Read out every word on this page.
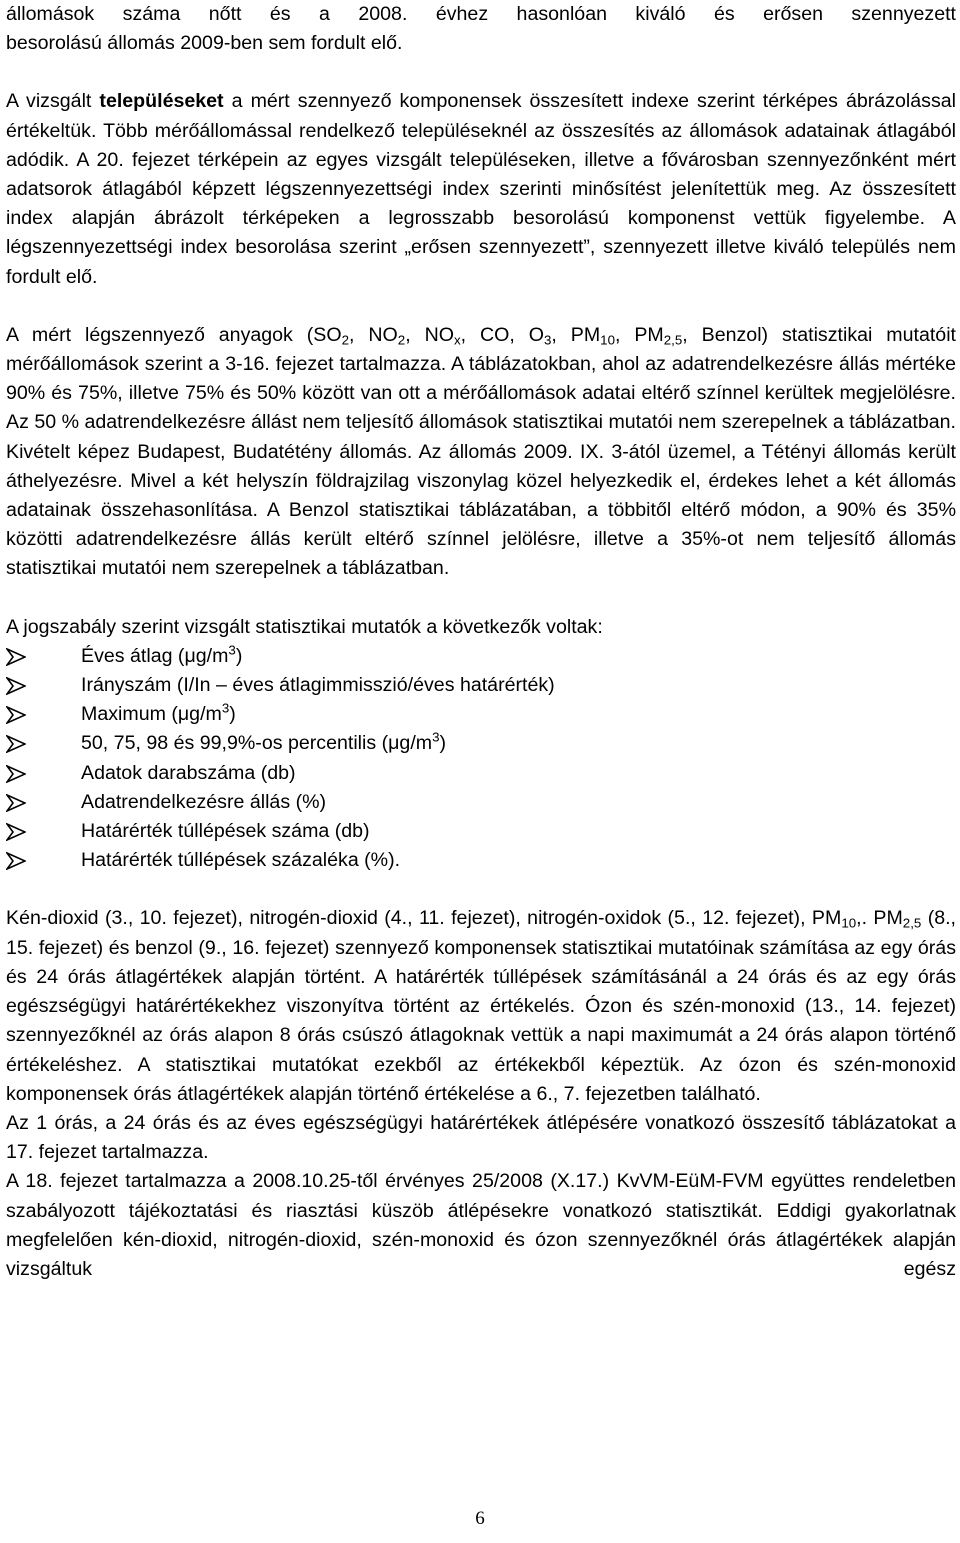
állomások száma nőtt és a 2008. évhez hasonlóan kiváló és erősen szennyezett

besorolású állomás 2009-ben sem fordult elő.

A vizsgált településeket a mért szennyező komponensek összesített indexe szerint térképes ábrázolással értékeltük. Több mérőállomással rendelkező településeknél az összesítés az állomások adatainak átlagából adódik. A 20. fejezet térképein az egyes vizsgált településeken, illetve a fővárosban szennyezőnként mért adatsorok átlagából képzett légszennyezettségi index szerinti minősítést jelenítettük meg. Az összesített index alapján ábrázolt térképeken a legrosszabb besorolású komponenst vettük figyelembe. A légszennyezettségi index besorolása szerint „erősen szennyezett”, szennyezett illetve kiváló település nem fordult elő.

A mért légszennyező anyagok ($SO_2$, $NO_2$, $NO_x$, CO, $O_3$, $PM_{10}$, $PM_{2,5}$, Benzol) statisztikai mutatóit mérőállomások szerint a 3-16. fejezet tartalmazza. A táblázatokban, ahol az adatrendelkezésre állás mértéke 90% és 75%, illetve 75% és 50% között van ott a mérőállomások adatai eltérő színnel kerültek megjelölésre. Az 50 % adatrendelkezésre állást nem teljesítő állomások statisztikai mutatói nem szerepelnek a táblázatban. Kivételt képez Budapest, Budatétény állomás. Az állomás 2009. IX. 3-ától üzemel, a Tétényi állomás került áthelyezésre. Mivel a két helyszín földrajzilag viszonylag közel helyezkedik el, érdekes lehet a két állomás adatainak összehasonlítása. A Benzol statisztikai táblázatában, a többitől eltérő módon, a 90% és 35% közötti adatrendelkezésre állás került eltérő színnel jelölésre, illetve a 35%-ot nem teljesítő állomás statisztikai mutatói nem szerepelnek a táblázatban.

A jogszabály szerint vizsgált statisztikai mutatók a következők voltak:

Éves átlag $(\mu g/m^3)$
Irányszám (I/In – éves átlagimmisszió/éves határérték)
Maximum $(\mu g/m^3)$
50, 75, 98 és 99,9%-os percentilis $(\mu g/m^3)$
Adatok darabszáma (db)
Adatrendelkezésre állás (%)
Határérték túllépések száma (db)
Határérték túllépések százaléka (%).

Kén-dioxid (3., 10. fejezet), nitrogén-dioxid (4., 11. fejezet), nitrogén-oxidok (5., 12. fejezet), $PM_{10}$,. $PM_{2,5}$ (8., 15. fejezet) és benzol (9., 16. fejezet) szennyező komponensek statisztikai mutatóinak számítása az egy órás és 24 órás átlagértékek alapján történt. A határérték túllépések számításánál a 24 órás és az egy órás egészségügyi határértékekhez viszonyítva történt az értékelés. Ózon és szén-monoxid (13., 14. fejezet) szennyezőknél az órás alapon 8 órás csúszó átlagoknak vettük a napi maximumát a 24 órás alapon történő értékeléshez. A statisztikai mutatókat ezekből az értékekből képeztük. Az ózon és szén-monoxid komponensek órás átlagértékek alapján történő értékelése a 6., 7. fejezetben található.

Az 1 órás, a 24 órás és az éves egészségügyi határértékek átlépésére vonatkozó összesítő táblázatokat a 17. fejezet tartalmazza.

A 18. fejezet tartalmazza a 2008.10.25-től érvényes 25/2008 (X.17.) KvVM-EüM-FVM együttes rendeletben szabályozott tájékoztatási és riasztási küszöb átlépésekre vonatkozó statisztikát. Eddigi gyakorlatnak megfelelően kén-dioxid, nitrogén-dioxid, szén-monoxid és ózon szennyezőknél órás átlagértékek alapján vizsgáltuk egész

6
